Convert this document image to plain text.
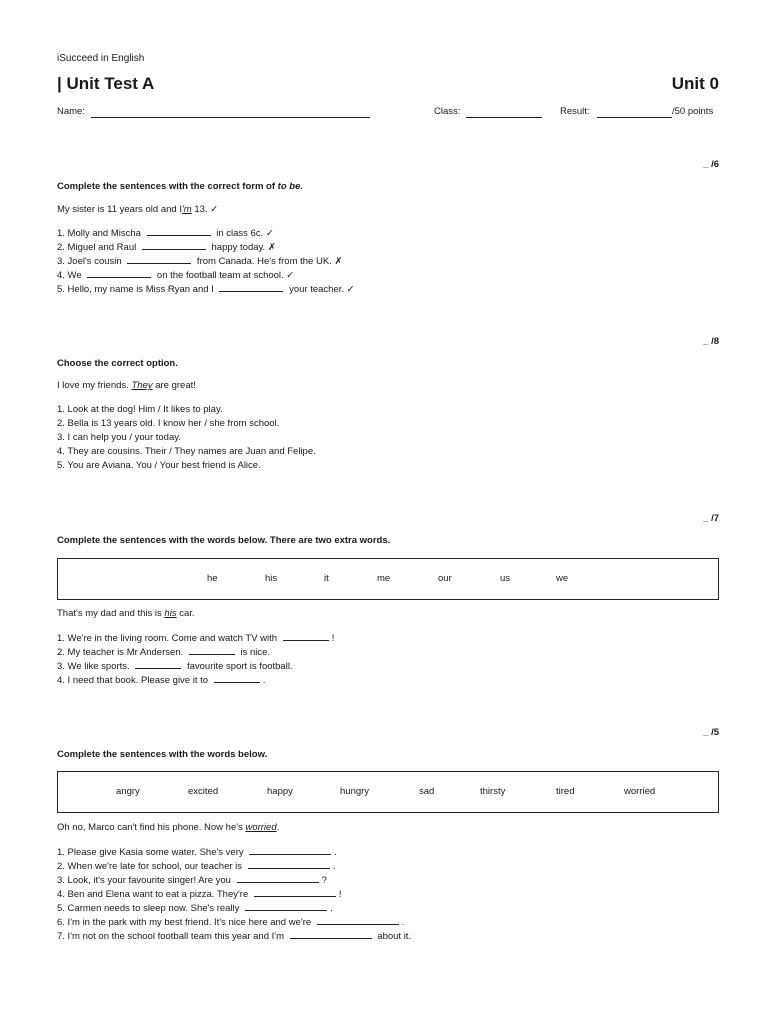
iSucceed in English
| Unit Test A	Unit 0
Name:	Class:	Result:	/50 points
_ /6
Complete the sentences with the correct form of to be.
My sister is 11 years old and I'm 13. ✓
1. Molly and Mischa	in class 6c. ✓
2. Miguel and Raul	happy today. ✗
3. Joel's cousin	from Canada. He's from the UK. ✗
4. We	on the football team at school. ✓
5. Hello, my name is Miss Ryan and I	your teacher. ✓
_ /8
Choose the correct option.
I love my friends. They are great!
1. Look at the dog! Him / It likes to play.
2. Bella is 13 years old. I know her / she from school.
3. I can help you / your today.
4. They are cousins. Their / They names are Juan and Felipe.
5. You are Aviana. You / Your best friend is Alice.
_ /7
Complete the sentences with the words below. There are two extra words.
he	his	it	me	our	us	we
That's my dad and this is his car.
1. We're in the living room. Come and watch TV with	!
2. My teacher is Mr Andersen.	is nice.
3. We like sports.	favourite sport is football.
4. I need that book. Please give it to	.
_ /5
Complete the sentences with the words below.
angry	excited	happy	hungry	sad	thirsty	tired	worried
Oh no, Marco can't find his phone. Now he's worried.
1. Please give Kasia some water. She's very	.
2. When we're late for school, our teacher is	.
3. Look, it's your favourite singer! Are you	?
4. Ben and Elena want to eat a pizza. They're	!
5. Carmen needs to sleep now. She's really	.
6. I'm in the park with my best friend. It's nice here and we're	.
7. I'm not on the school football team this year and I'm	about it.
